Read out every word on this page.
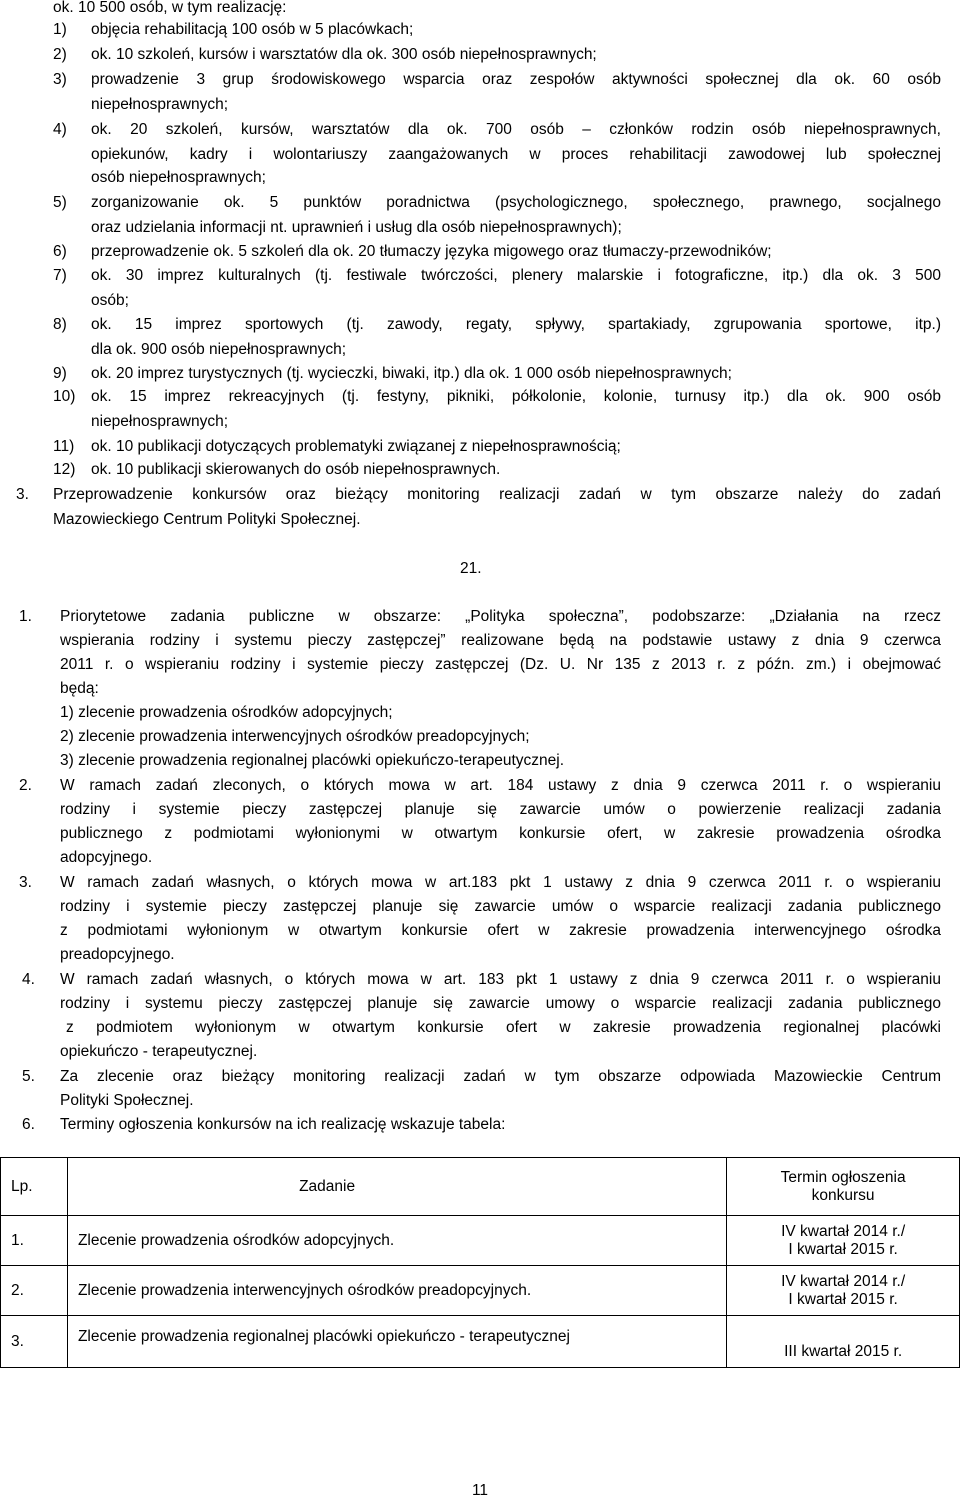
ok. 10 500 osób, w tym realizację:
1) objęcia rehabilitacją 100 osób w 5 placówkach;
2) ok. 10 szkoleń, kursów i warsztatów dla ok. 300 osób niepełnosprawnych;
3) prowadzenie 3 grup środowiskowego wsparcia oraz zespołów aktywności społecznej dla ok. 60 osób
niepełnosprawnych;
4) ok. 20 szkoleń, kursów, warsztatów dla ok. 700 osób – członków rodzin osób niepełnosprawnych,
opiekunów, kadry i wolontariuszy zaangażowanych w proces rehabilitacji zawodowej lub społecznej
osób niepełnosprawnych;
5) zorganizowanie ok. 5 punktów poradnictwa (psychologicznego, społecznego, prawnego, socjalnego
oraz udzielania informacji nt. uprawnień i usług dla osób niepełnosprawnych);
6) przeprowadzenie ok. 5 szkoleń dla ok. 20 tłumaczy języka migowego oraz tłumaczy-przewodników;
7) ok. 30 imprez kulturalnych (tj. festiwale twórczości, plenery malarskie i fotograficzne, itp.) dla ok. 3 500
osób;
8) ok. 15 imprez sportowych (tj. zawody, regaty, spływy, spartakiady, zgrupowania sportowe, itp.)
dla ok. 900 osób niepełnosprawnych;
9) ok. 20 imprez turystycznych (tj. wycieczki, biwaki, itp.) dla ok. 1 000 osób niepełnosprawnych;
10) ok. 15 imprez rekreacyjnych (tj. festyny, pikniki, półkolonie, kolonie, turnusy itp.) dla ok. 900 osób
niepełnosprawnych;
11) ok. 10 publikacji dotyczących problematyki związanej z niepełnosprawnością;
12) ok. 10 publikacji skierowanych do osób niepełnosprawnych.
3. Przeprowadzenie konkursów oraz bieżący monitoring realizacji zadań w tym obszarze należy do zadań
Mazowieckiego Centrum Polityki Społecznej.
21.
1. Priorytetowe zadania publiczne w obszarze: „Polityka społeczna”, podobszarze: „Działania na rzecz
wspierania rodziny i systemu pieczy zastępczej” realizowane będą na podstawie ustawy z dnia 9 czerwca
2011 r. o wspieraniu rodziny i systemie pieczy zastępczej (Dz. U. Nr 135 z 2013 r. z późn. zm.) i obejmować
będą:
1) zlecenie prowadzenia ośrodków adopcyjnych;
2) zlecenie prowadzenia interwencyjnych ośrodków preadopcyjnych;
3) zlecenie prowadzenia regionalnej placówki opiekuńczo-terapeutycznej.
2. W ramach zadań zleconych, o których mowa w art. 184 ustawy z dnia 9 czerwca 2011 r. o wspieraniu
rodziny i systemie pieczy zastępczej planuje się zawarcie umów o powierzenie realizacji zadania
publicznego z podmiotami wyłonionymi w otwartym konkursie ofert, w zakresie prowadzenia ośrodka
adopcyjnego.
3. W ramach zadań własnych, o których mowa w art.183 pkt 1 ustawy z dnia 9 czerwca 2011 r. o wspieraniu
rodziny i systemie pieczy zastępczej planuje się zawarcie umów o wsparcie realizacji zadania publicznego
z podmiotami wyłonionym w otwartym konkursie ofert w zakresie prowadzenia interwencyjnego ośrodka
preadopcyjnego.
4. W ramach zadań własnych, o których mowa w art. 183 pkt 1 ustawy z dnia 9 czerwca 2011 r. o wspieraniu
rodziny i systemu pieczy zastępczej planuje się zawarcie umowy o wsparcie realizacji zadania publicznego
z podmiotem wyłonionym w otwartym konkursie ofert w zakresie prowadzenia regionalnej placówki
opiekuńczo - terapeutycznej.
5. Za zlecenie oraz bieżący monitoring realizacji zadań w tym obszarze odpowiada Mazowieckie Centrum
Polityki Społecznej.
6. Terminy ogłoszenia konkursów na ich realizację wskazuje tabela:
Lp.	Zadanie	Termin ogłoszenia
konkursu

1.	Zlecenie prowadzenia ośrodków adopcyjnych.	IV kwartał 2014 r./
I kwartał 2015 r.

2.	Zlecenie prowadzenia interwencyjnych ośrodków preadopcyjnych.	IV kwartał 2014 r./
I kwartał 2015 r.

3.	Zlecenie prowadzenia regionalnej placówki opiekuńczo - terapeutycznej	III kwartał 2015 r.
11
